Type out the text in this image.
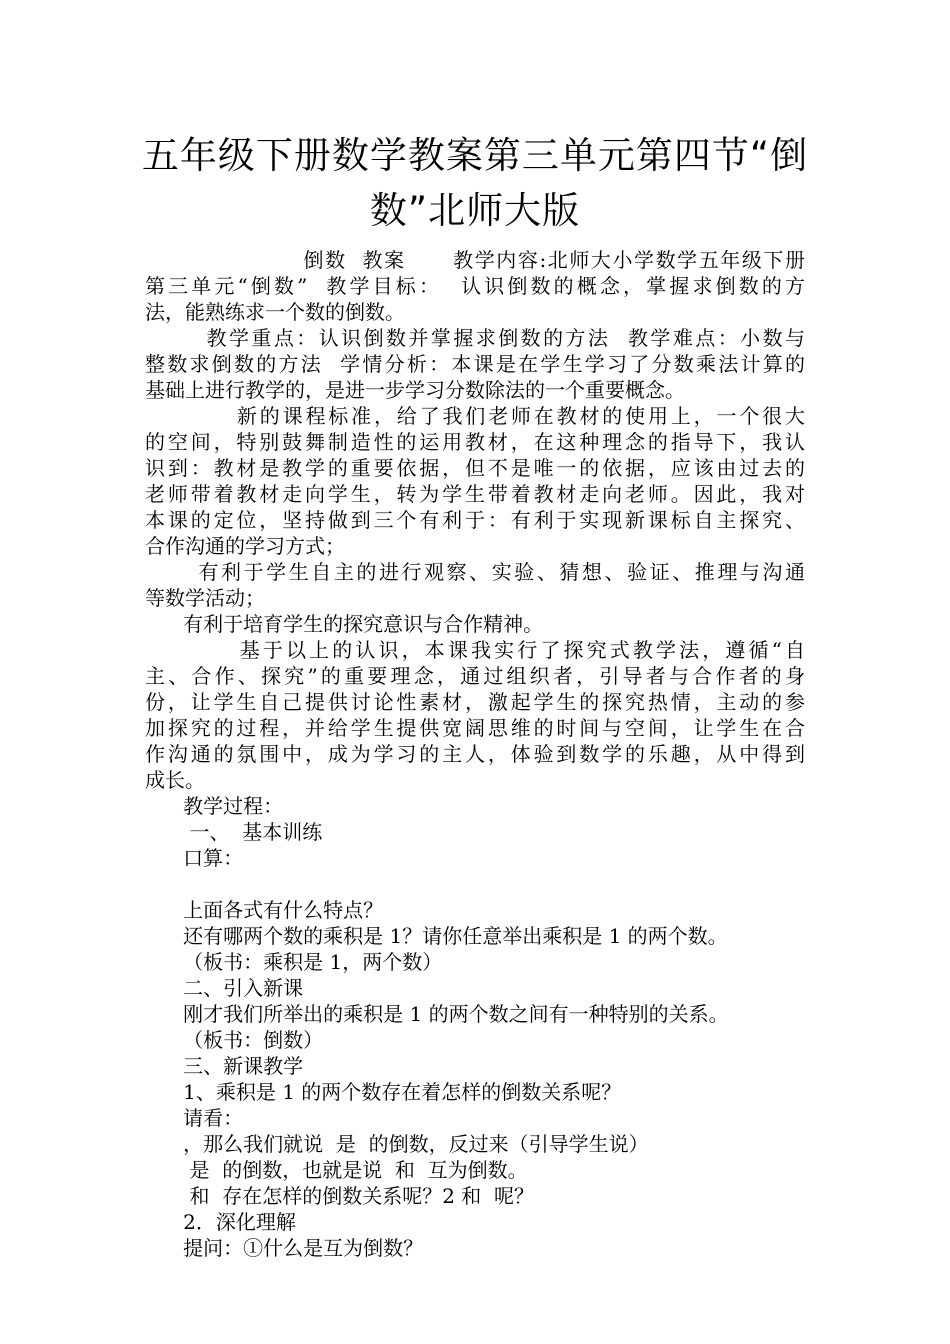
五年级下册数学教案第三单元第四节“倒
数”北师大版
倒数  教案      教学内容:北师大小学数学五年级下册
第三单元“倒数”  教学目标：  认识倒数的概念，掌握求倒数的方
法，能熟练求一个数的倒数。
教学重点：认识倒数并掌握求倒数的方法  教学难点：小数与
整数求倒数的方法  学情分析：本课是在学生学习了分数乘法计算的
基础上进行教学的，是进一步学习分数除法的一个重要概念。
新的课程标准，给了我们老师在教材的使用上，一个很大
的空间，特别鼓舞制造性的运用教材，在这种理念的指导下，我认
识到：教材是教学的重要依据，但不是唯一的依据，应该由过去的
老师带着教材走向学生，转为学生带着教材走向老师。因此，我对
本课的定位，坚持做到三个有利于：有利于实现新课标自主探究、
合作沟通的学习方式；
有利于学生自主的进行观察、实验、猜想、验证、推理与沟通
等数学活动；
有利于培育学生的探究意识与合作精神。
基于以上的认识，本课我实行了探究式教学法，遵循“自
主、合作、探究”的重要理念，通过组织者，引导者与合作者的身
份，让学生自己提供讨论性素材，激起学生的探究热情，主动的参
加探究的过程，并给学生提供宽阔思维的时间与空间，让学生在合
作沟通的氛围中，成为学习的主人，体验到数学的乐趣，从中得到
成长。
教学过程：
一、  基本训练
口算：
上面各式有什么特点？
还有哪两个数的乘积是 1？请你任意举出乘积是 1 的两个数。
（板书：乘积是 1，两个数）
二、引入新课
刚才我们所举出的乘积是 1 的两个数之间有一种特别的关系。
（板书：倒数）
三、新课教学
1、乘积是 1 的两个数存在着怎样的倒数关系呢？
请看：
，那么我们就说  是  的倒数，反过来（引导学生说）
是  的倒数，也就是说  和  互为倒数。
和  存在怎样的倒数关系呢？2 和  呢？
2．深化理解
提问：①什么是互为倒数？
